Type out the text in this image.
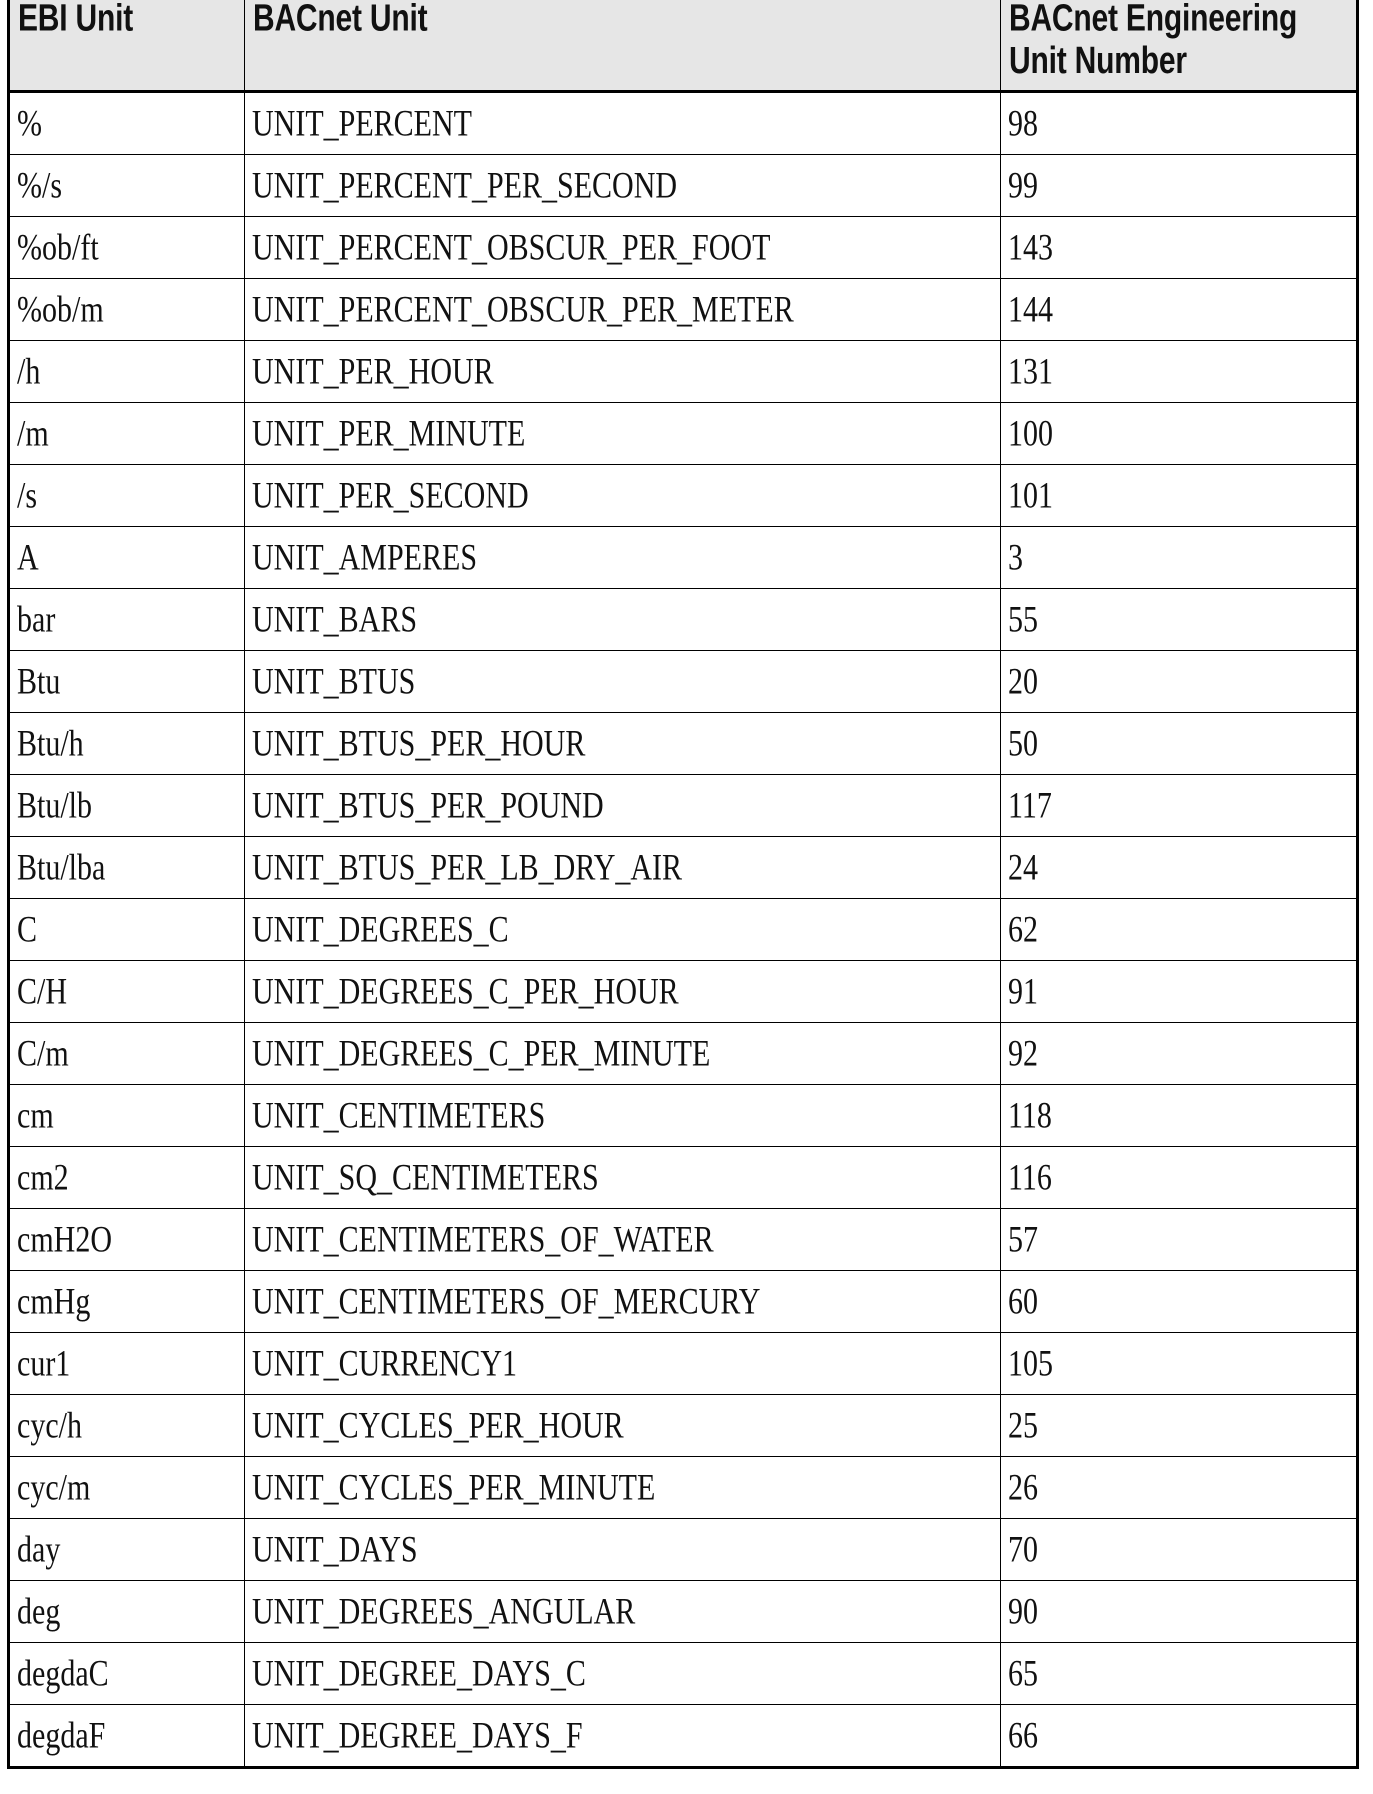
EBI Unit	BACnet Unit	BACnet Engineering
Unit Number
%	UNIT_PERCENT	98
%/s	UNIT_PERCENT_PER_SECOND	99
%ob/ft	UNIT_PERCENT_OBSCUR_PER_FOOT	143
%ob/m	UNIT_PERCENT_OBSCUR_PER_METER	144
/h	UNIT_PER_HOUR	131
/m	UNIT_PER_MINUTE	100
/s	UNIT_PER_SECOND	101
A	UNIT_AMPERES	3
bar	UNIT_BARS	55
Btu	UNIT_BTUS	20
Btu/h	UNIT_BTUS_PER_HOUR	50
Btu/lb	UNIT_BTUS_PER_POUND	117
Btu/lba	UNIT_BTUS_PER_LB_DRY_AIR	24
C	UNIT_DEGREES_C	62
C/H	UNIT_DEGREES_C_PER_HOUR	91
C/m	UNIT_DEGREES_C_PER_MINUTE	92
cm	UNIT_CENTIMETERS	118
cm2	UNIT_SQ_CENTIMETERS	116
cmH2O	UNIT_CENTIMETERS_OF_WATER	57
cmHg	UNIT_CENTIMETERS_OF_MERCURY	60
cur1	UNIT_CURRENCY1	105
cyc/h	UNIT_CYCLES_PER_HOUR	25
cyc/m	UNIT_CYCLES_PER_MINUTE	26
day	UNIT_DAYS	70
deg	UNIT_DEGREES_ANGULAR	90
degdaC	UNIT_DEGREE_DAYS_C	65
degdaF	UNIT_DEGREE_DAYS_F	66
